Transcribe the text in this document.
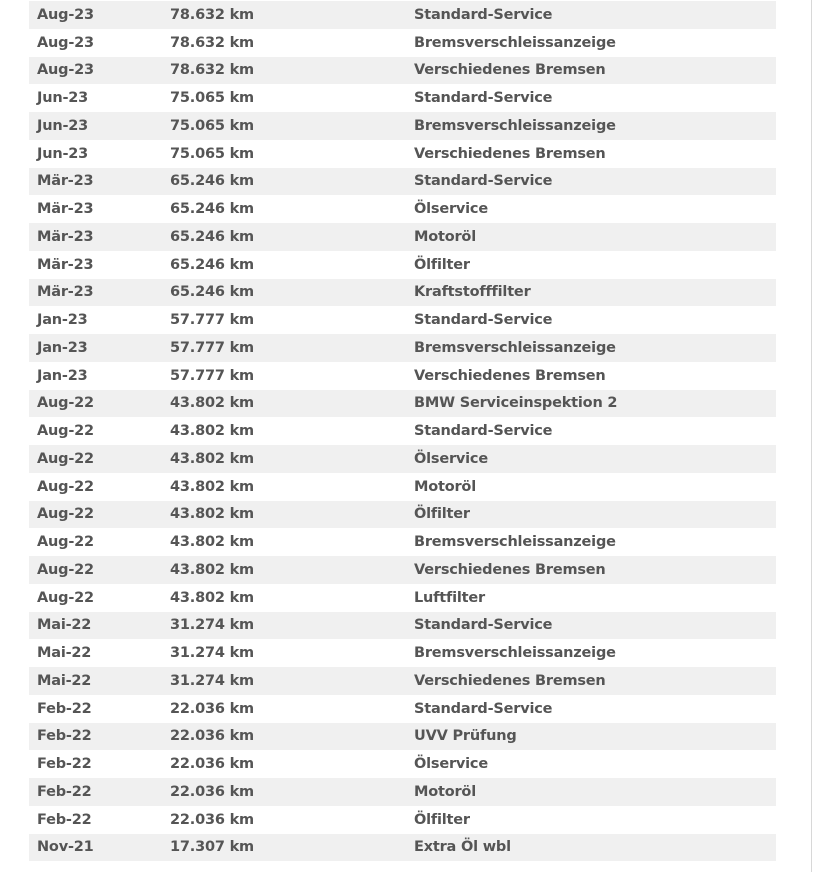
Aug-23	78.632 km	Standard-Service
Aug-23	78.632 km	Bremsverschleissanzeige
Aug-23	78.632 km	Verschiedenes Bremsen
Jun-23	75.065 km	Standard-Service
Jun-23	75.065 km	Bremsverschleissanzeige
Jun-23	75.065 km	Verschiedenes Bremsen
Mär-23	65.246 km	Standard-Service
Mär-23	65.246 km	Ölservice
Mär-23	65.246 km	Motoröl
Mär-23	65.246 km	Ölfilter
Mär-23	65.246 km	Kraftstofffilter
Jan-23	57.777 km	Standard-Service
Jan-23	57.777 km	Bremsverschleissanzeige
Jan-23	57.777 km	Verschiedenes Bremsen
Aug-22	43.802 km	BMW Serviceinspektion 2
Aug-22	43.802 km	Standard-Service
Aug-22	43.802 km	Ölservice
Aug-22	43.802 km	Motoröl
Aug-22	43.802 km	Ölfilter
Aug-22	43.802 km	Bremsverschleissanzeige
Aug-22	43.802 km	Verschiedenes Bremsen
Aug-22	43.802 km	Luftfilter
Mai-22	31.274 km	Standard-Service
Mai-22	31.274 km	Bremsverschleissanzeige
Mai-22	31.274 km	Verschiedenes Bremsen
Feb-22	22.036 km	Standard-Service
Feb-22	22.036 km	UVV Prüfung
Feb-22	22.036 km	Ölservice
Feb-22	22.036 km	Motoröl
Feb-22	22.036 km	Ölfilter
Nov-21	17.307 km	Extra Öl wbl
